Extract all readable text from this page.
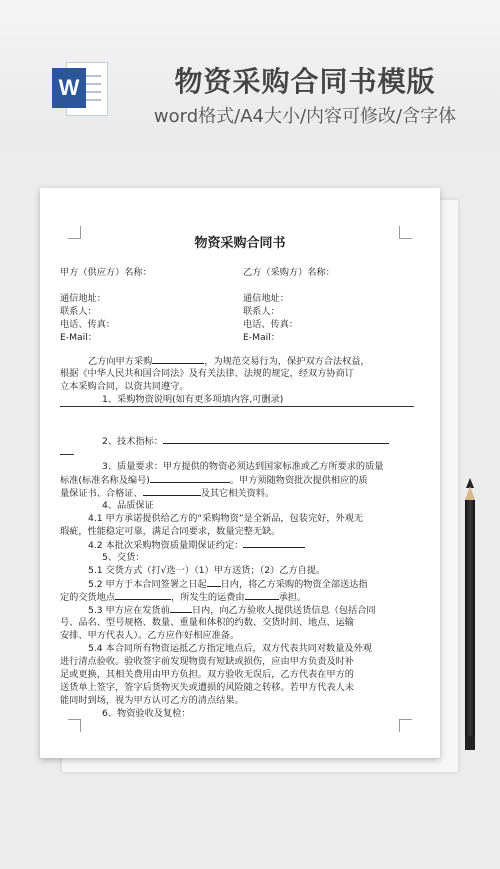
W	物资采购合同书模版
word格式/A4大小/内容可修改/含字体
物资采购合同书
甲方（供应方）名称：	乙方（采购方）名称：
通信地址：	通信地址：
联系人：	联系人：
电话、传真：	电话、传真：
E-Mail：	E-Mail：
乙方向甲方采购	，为规范交易行为，保护双方合法权益，
根据《中华人民共和国合同法》及有关法律、法规的规定，经双方协商订
立本采购合同，以资共同遵守。
1、采购物资说明(如有更多项填内容,可删录)
2、技术指标：
3、质量要求：甲方提供的物资必须达到国家标准或乙方所要求的质量
标准(标准名称及编号)	。甲方须随物资批次提供相应的质
量保证书、合格证、	及其它相关资料。
4、品质保证
4.1 甲方承诺提供给乙方的“采购物资”是全新品，包装完好，外观无
瑕疵，性能稳定可靠，满足合同要求，数量完整无缺。
4.2 本批次采购物资质量期保证约定：
5、交货：
5.1 交货方式（打√选一）（1）甲方送货；（2）乙方自提。
5.2 甲方于本合同签署之日起 日内，将乙方采购的物资全部送达指
定的交货地点	，所发生的运费由	承担。
5.3 甲方应在发货前 日内，向乙方验收人提供送货信息（包括合同
号、品名、型号规格、数量、重量和体积的约数、交货时间、地点、运输
安排、甲方代表人）。乙方应作好相应准备。
5.4 本合同所有物资运抵乙方指定地点后，双方代表共同对数量及外观
进行清点验收。验收签字前发现物资有短缺或损伤，应由甲方负责及时补
足或更换，其相关费用由甲方负担。双方验收无误后，乙方代表在甲方的
送货单上签字，签字后货物灭失或遭损的风险随之转移。若甲方代表人未
能同时到场，视为甲方认可乙方的清点结果。
6、物资验收及复检：
